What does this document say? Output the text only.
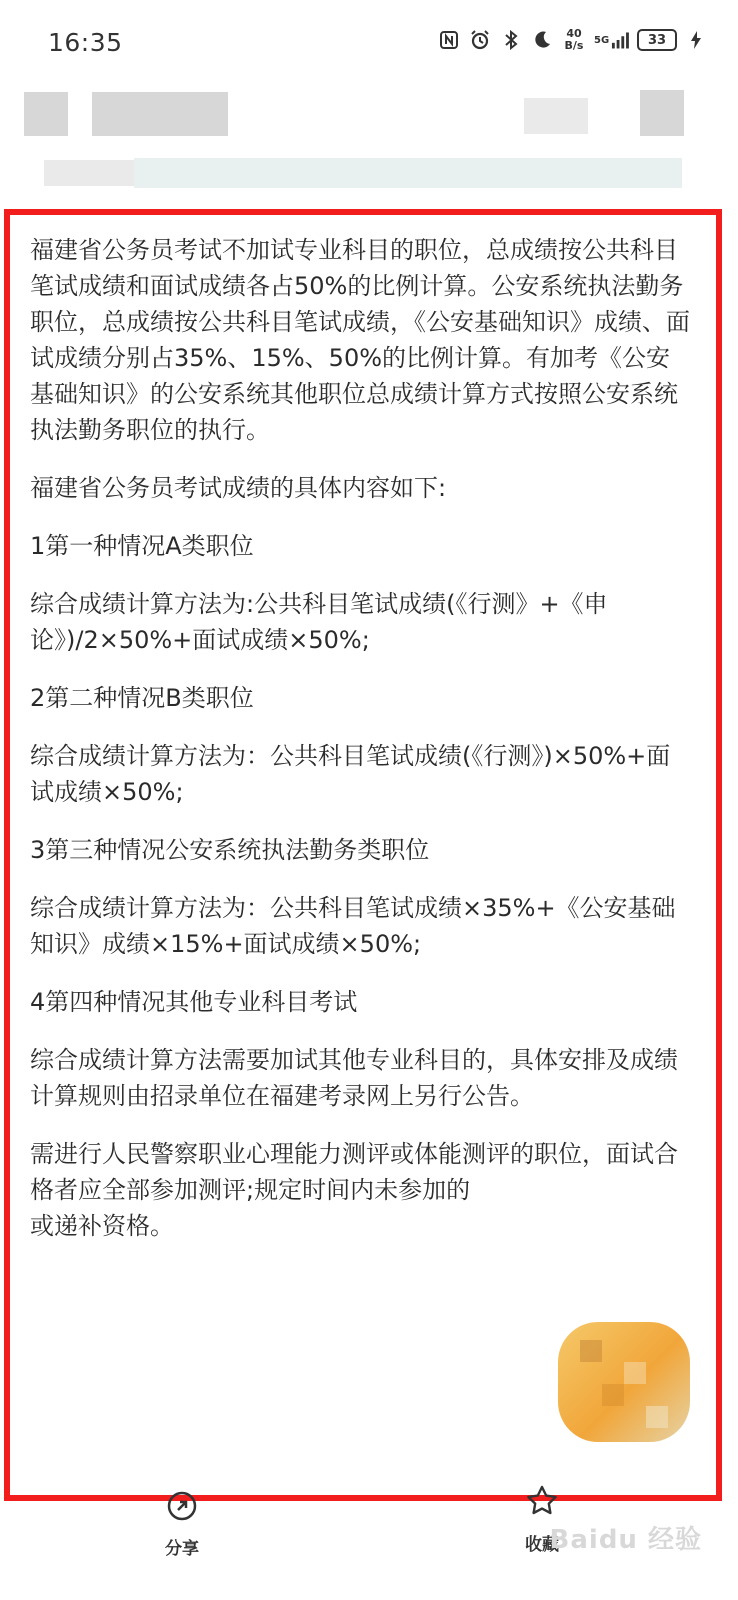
16:35	40 B/s	5G	33

福建省公务员考试不加试专业科目的职位，总成绩按公共科目笔试成绩和面试成绩各占50%的比例计算。公安系统执法勤务职位，总成绩按公共科目笔试成绩，《公安基础知识》成绩、面试成绩分别占35%、15%、50%的比例计算。有加考《公安基础知识》的公安系统其他职位总成绩计算方式按照公安系统执法勤务职位的执行。

福建省公务员考试成绩的具体内容如下:

1第一种情况A类职位

综合成绩计算方法为:公共科目笔试成绩(《行测》+《申论》)/2×50%+面试成绩×50%;

2第二种情况B类职位

综合成绩计算方法为：公共科目笔试成绩(《行测》)×50%+面试成绩×50%;

3第三种情况公安系统执法勤务类职位

综合成绩计算方法为：公共科目笔试成绩×35%+《公安基础知识》成绩×15%+面试成绩×50%;

4第四种情况其他专业科目考试

综合成绩计算方法需要加试其他专业科目的，具体安排及成绩计算规则由招录单位在福建考录网上另行公告。

需进行人民警察职业心理能力测评或体能测评的职位，面试合格者应全部参加测评;规定时间内未参加的
或递补资格。

分享	收藏
Baidu 经验
